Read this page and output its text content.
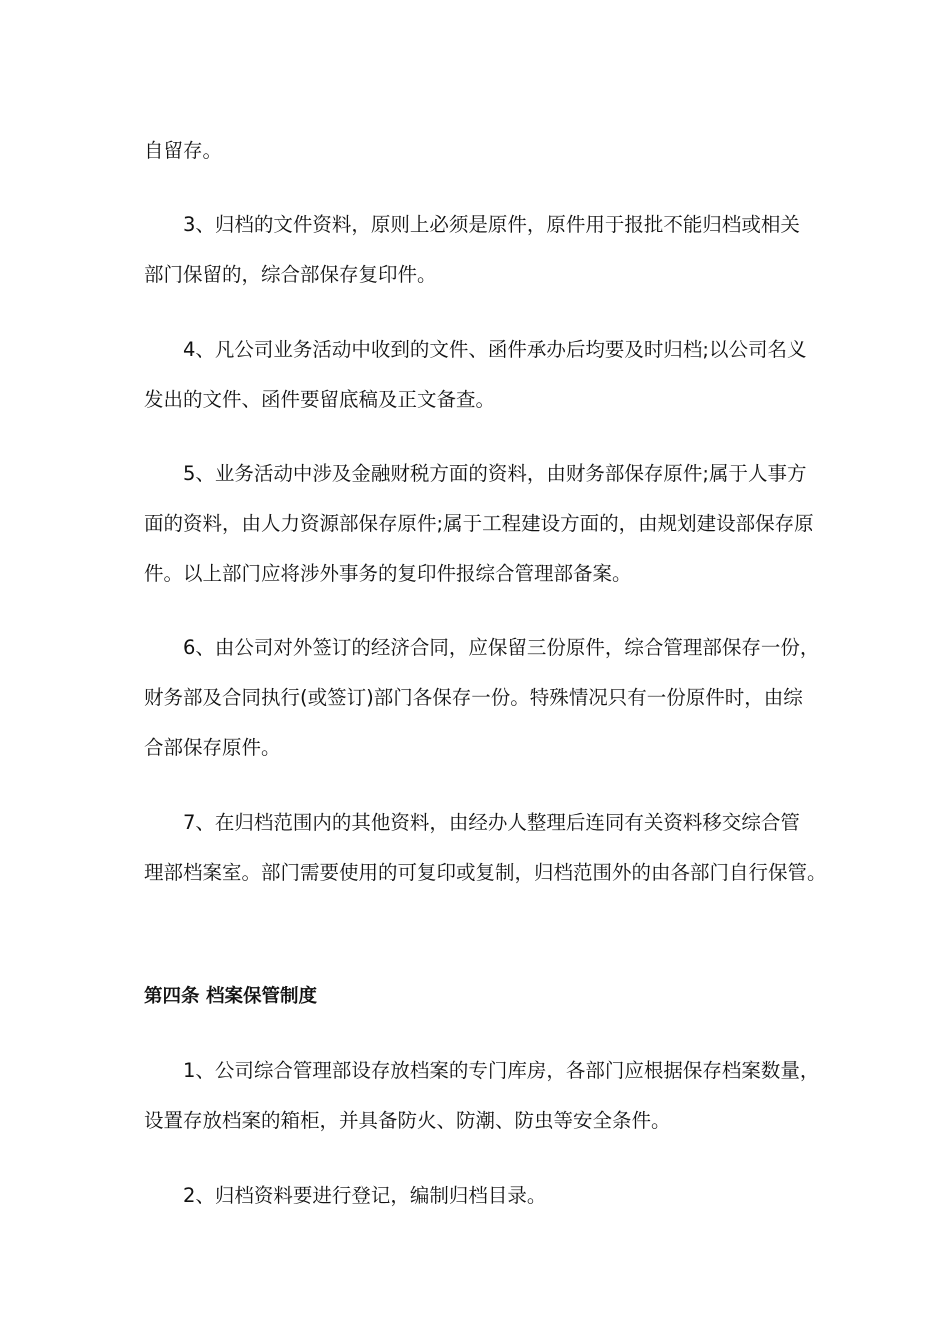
自留存。
3、归档的文件资料，原则上必须是原件，原件用于报批不能归档或相关
部门保留的，综合部保存复印件。
4、凡公司业务活动中收到的文件、函件承办后均要及时归档;以公司名义
发出的文件、函件要留底稿及正文备查。
5、业务活动中涉及金融财税方面的资料，由财务部保存原件;属于人事方
面的资料，由人力资源部保存原件;属于工程建设方面的，由规划建设部保存原
件。以上部门应将涉外事务的复印件报综合管理部备案。
6、由公司对外签订的经济合同，应保留三份原件，综合管理部保存一份，
财务部及合同执行(或签订)部门各保存一份。特殊情况只有一份原件时，由综
合部保存原件。
7、在归档范围内的其他资料，由经办人整理后连同有关资料移交综合管
理部档案室。部门需要使用的可复印或复制，归档范围外的由各部门自行保管。
第四条 档案保管制度
1、公司综合管理部设存放档案的专门库房，各部门应根据保存档案数量，
设置存放档案的箱柜，并具备防火、防潮、防虫等安全条件。
2、归档资料要进行登记，编制归档目录。
